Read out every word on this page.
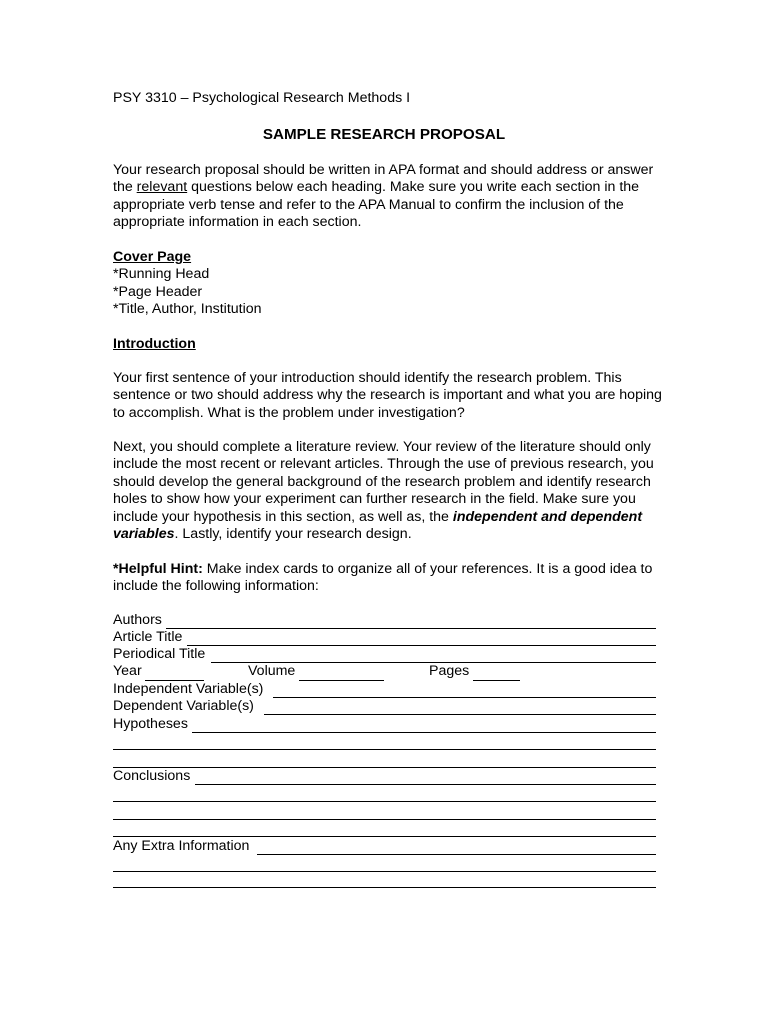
PSY 3310 – Psychological Research Methods I
SAMPLE RESEARCH PROPOSAL

Your research proposal should be written in APA format and should address or answer

the relevant questions below each heading. Make sure you write each section in the

appropriate verb tense and refer to the APA Manual to confirm the inclusion of the

appropriate information in each section.

Cover Page

*Running Head

*Page Header

*Title, Author, Institution

Introduction

Your first sentence of your introduction should identify the research problem. This

sentence or two should address why the research is important and what you are hoping

to accomplish. What is the problem under investigation?

Next, you should complete a literature review. Your review of the literature should only

include the most recent or relevant articles. Through the use of previous research, you

should develop the general background of the research problem and identify research

holes to show how your experiment can further research in the field. Make sure you

include your hypothesis in this section, as well as, the independent and dependent

variables. Lastly, identify your research design.

*Helpful Hint: Make index cards to organize all of your references. It is a good idea to

include the following information:

Authors
Article Title
Periodical Title
Year	Volume	Pages
Independent Variable(s)
Dependent Variable(s)
Hypotheses
Conclusions
Any Extra Information
